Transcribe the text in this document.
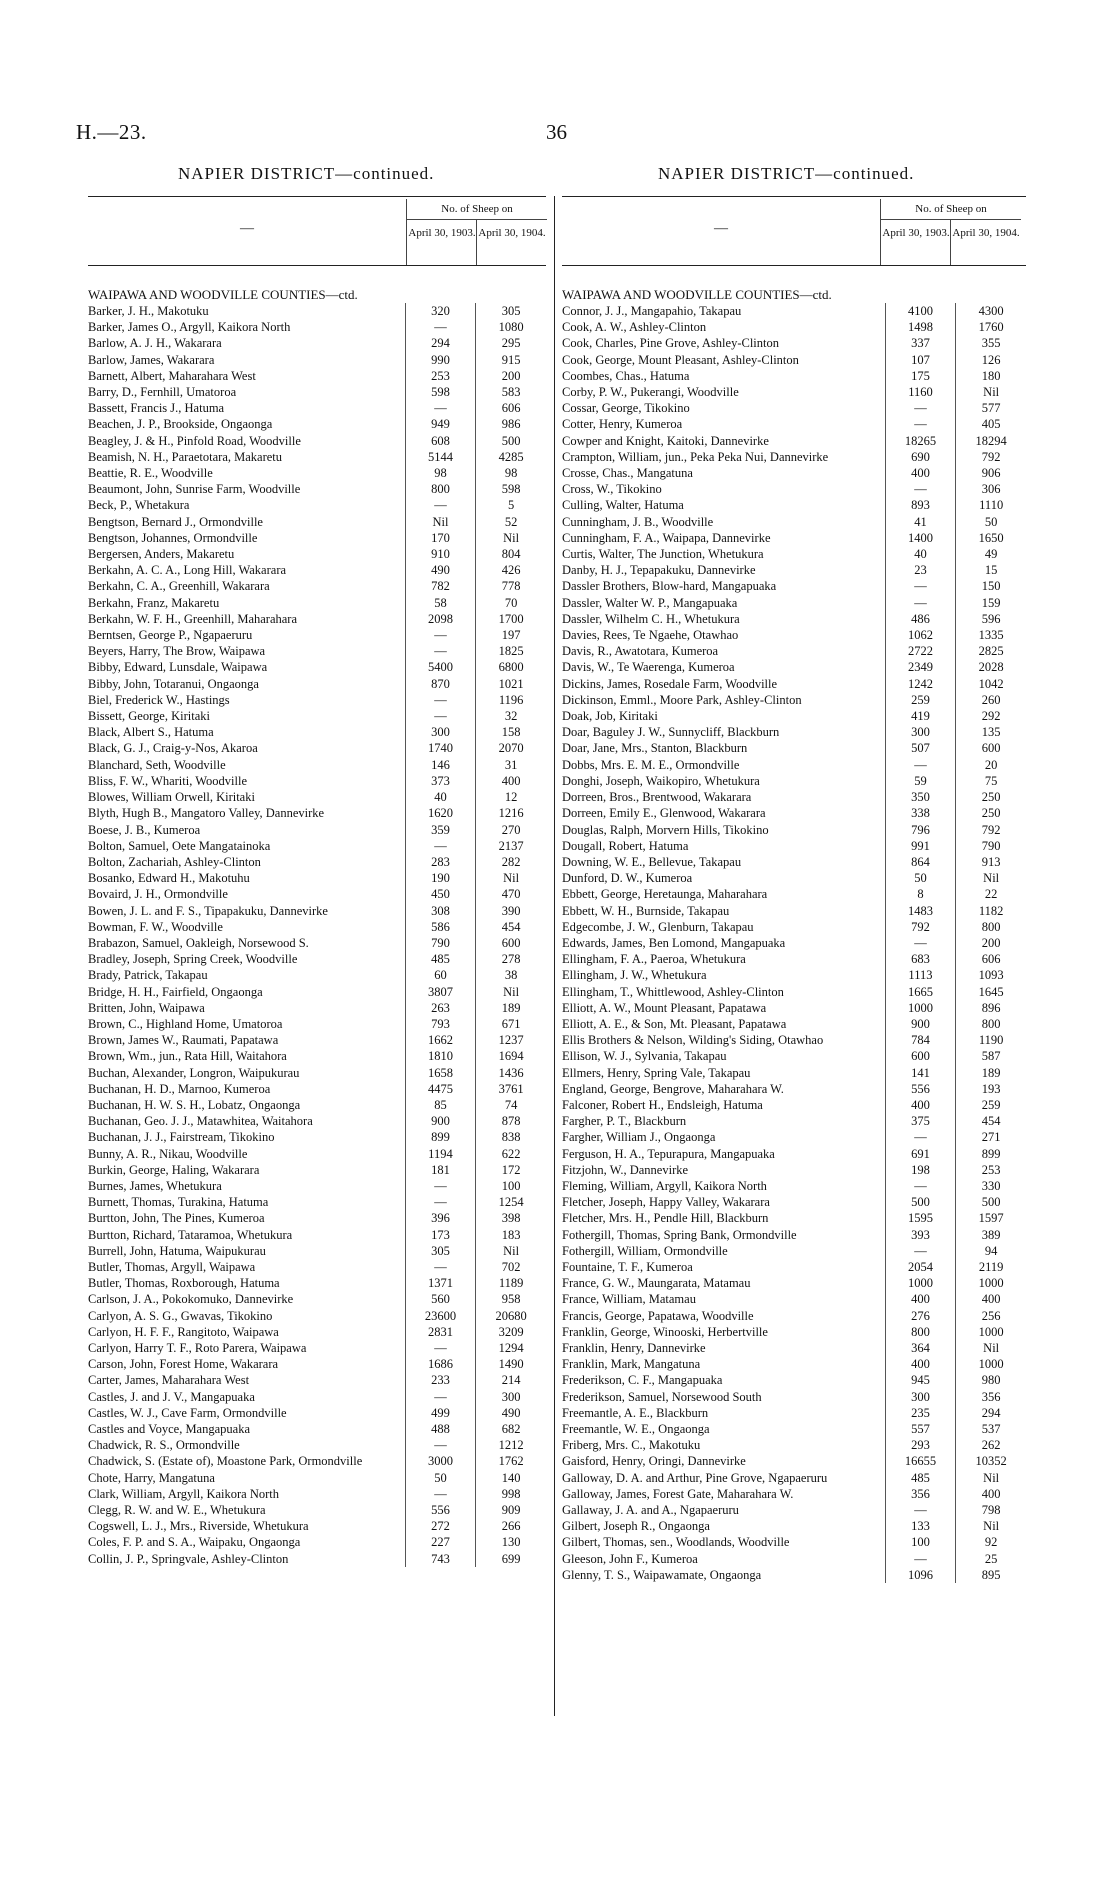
H.—23.	36
NAPIER DISTRICT—continued.	NAPIER DISTRICT—continued.
—
No. of Sheep on
April 30, 1903. April 30, 1904.
WAIPAWA AND WOODVILLE COUNTIES—ctd.
Barker, J. H., Makotuku	320	305
Barker, James O., Argyll, Kaikora North	—	1080
Barlow, A. J. H., Wakarara	294	295
Barlow, James, Wakarara	990	915
Barnett, Albert, Maharahara West	253	200
Barry, D., Fernhill, Umatoroa	598	583
Bassett, Francis J., Hatuma	—	606
Beachen, J. P., Brookside, Ongaonga	949	986
Beagley, J. & H., Pinfold Road, Woodville	608	500
Beamish, N. H., Paraetotara, Makaretu	5144	4285
Beattie, R. E., Woodville	98	98
Beaumont, John, Sunrise Farm, Woodville	800	598
Beck, P., Whetakura	—	5
Bengtson, Bernard J., Ormondville	Nil	52
Bengtson, Johannes, Ormondville	170	Nil
Bergersen, Anders, Makaretu	910	804
Berkahn, A. C. A., Long Hill, Wakarara	490	426
Berkahn, C. A., Greenhill, Wakarara	782	778
Berkahn, Franz, Makaretu	58	70
Berkahn, W. F. H., Greenhill, Maharahara	2098	1700
Berntsen, George P., Ngapaeruru	—	197
Beyers, Harry, The Brow, Waipawa	—	1825
Bibby, Edward, Lunsdale, Waipawa	5400	6800
Bibby, John, Totaranui, Ongaonga	870	1021
Biel, Frederick W., Hastings	—	1196
Bissett, George, Kiritaki	—	32
Black, Albert S., Hatuma	300	158
Black, G. J., Craig-y-Nos, Akaroa	1740	2070
Blanchard, Seth, Woodville	146	31
Bliss, F. W., Whariti, Woodville	373	400
Blowes, William Orwell, Kiritaki	40	12
Blyth, Hugh B., Mangatoro Valley, Dannevirke	1620	1216
Boese, J. B., Kumeroa	359	270
Bolton, Samuel, Oete Mangatainoka	—	2137
Bolton, Zachariah, Ashley-Clinton	283	282
Bosanko, Edward H., Makotuhu	190	Nil
Bovaird, J. H., Ormondville	450	470
Bowen, J. L. and F. S., Tipapakuku, Dannevirke	308	390
Bowman, F. W., Woodville	586	454
Brabazon, Samuel, Oakleigh, Norsewood S.	790	600
Bradley, Joseph, Spring Creek, Woodville	485	278
Brady, Patrick, Takapau	60	38
Bridge, H. H., Fairfield, Ongaonga	3807	Nil
Britten, John, Waipawa	263	189
Brown, C., Highland Home, Umatoroa	793	671
Brown, James W., Raumati, Papatawa	1662	1237
Brown, Wm., jun., Rata Hill, Waitahora	1810	1694
Buchan, Alexander, Longron, Waipukurau	1658	1436
Buchanan, H. D., Marnoo, Kumeroa	4475	3761
Buchanan, H. W. S. H., Lobatz, Ongaonga	85	74
Buchanan, Geo. J. J., Matawhitea, Waitahora	900	878
Buchanan, J. J., Fairstream, Tikokino	899	838
Bunny, A. R., Nikau, Woodville	1194	622
Burkin, George, Haling, Wakarara	181	172
Burnes, James, Whetukura	—	100
Burnett, Thomas, Turakina, Hatuma	—	1254
Burtton, John, The Pines, Kumeroa	396	398
Burtton, Richard, Tataramoa, Whetukura	173	183
Burrell, John, Hatuma, Waipukurau	305	Nil
Butler, Thomas, Argyll, Waipawa	—	702
Butler, Thomas, Roxborough, Hatuma	1371	1189
Carlson, J. A., Pokokomuko, Dannevirke	560	958
Carlyon, A. S. G., Gwavas, Tikokino	23600	20680
Carlyon, H. F. F., Rangitoto, Waipawa	2831	3209
Carlyon, Harry T. F., Roto Parera, Waipawa	—	1294
Carson, John, Forest Home, Wakarara	1686	1490
Carter, James, Maharahara West	233	214
Castles, J. and J. V., Mangapuaka	—	300
Castles, W. J., Cave Farm, Ormondville	499	490
Castles and Voyce, Mangapuaka	488	682
Chadwick, R. S., Ormondville	—	1212
Chadwick, S. (Estate of), Moastone Park, Ormondville	3000	1762
Chote, Harry, Mangatuna	50	140
Clark, William, Argyll, Kaikora North	—	998
Clegg, R. W. and W. E., Whetukura	556	909
Cogswell, L. J., Mrs., Riverside, Whetukura	272	266
Coles, F. P. and S. A., Waipaku, Ongaonga	227	130
Collin, J. P., Springvale, Ashley-Clinton	743	699
—
No. of Sheep on
April 30, 1903. April 30, 1904.
WAIPAWA AND WOODVILLE COUNTIES—ctd.
Connor, J. J., Mangapahio, Takapau	4100	4300
Cook, A. W., Ashley-Clinton	1498	1760
Cook, Charles, Pine Grove, Ashley-Clinton	337	355
Cook, George, Mount Pleasant, Ashley-Clinton	107	126
Coombes, Chas., Hatuma	175	180
Corby, P. W., Pukerangi, Woodville	1160	Nil
Cossar, George, Tikokino	—	577
Cotter, Henry, Kumeroa	—	405
Cowper and Knight, Kaitoki, Dannevirke	18265	18294
Crampton, William, jun., Peka Peka Nui, Dannevirke	690	792
Crosse, Chas., Mangatuna	400	906
Cross, W., Tikokino	—	306
Culling, Walter, Hatuma	893	1110
Cunningham, J. B., Woodville	41	50
Cunningham, F. A., Waipapa, Dannevirke	1400	1650
Curtis, Walter, The Junction, Whetukura	40	49
Danby, H. J., Tepapakuku, Dannevirke	23	15
Dassler Brothers, Blow-hard, Mangapuaka	—	150
Dassler, Walter W. P., Mangapuaka	—	159
Dassler, Wilhelm C. H., Whetukura	486	596
Davies, Rees, Te Ngaehe, Otawhao	1062	1335
Davis, R., Awatotara, Kumeroa	2722	2825
Davis, W., Te Waerenga, Kumeroa	2349	2028
Dickins, James, Rosedale Farm, Woodville	1242	1042
Dickinson, Emml., Moore Park, Ashley-Clinton	259	260
Doak, Job, Kiritaki	419	292
Doar, Baguley J. W., Sunnycliff, Blackburn	300	135
Doar, Jane, Mrs., Stanton, Blackburn	507	600
Dobbs, Mrs. E. M. E., Ormondville	—	20
Donghi, Joseph, Waikopiro, Whetukura	59	75
Dorreen, Bros., Brentwood, Wakarara	350	250
Dorreen, Emily E., Glenwood, Wakarara	338	250
Douglas, Ralph, Morvern Hills, Tikokino	796	792
Dougall, Robert, Hatuma	991	790
Downing, W. E., Bellevue, Takapau	864	913
Dunford, D. W., Kumeroa	50	Nil
Ebbett, George, Heretaunga, Maharahara	8	22
Ebbett, W. H., Burnside, Takapau	1483	1182
Edgecombe, J. W., Glenburn, Takapau	792	800
Edwards, James, Ben Lomond, Mangapuaka	—	200
Ellingham, F. A., Paeroa, Whetukura	683	606
Ellingham, J. W., Whetukura	1113	1093
Ellingham, T., Whittlewood, Ashley-Clinton	1665	1645
Elliott, A. W., Mount Pleasant, Papatawa	1000	896
Elliott, A. E., & Son, Mt. Pleasant, Papatawa	900	800
Ellis Brothers & Nelson, Wilding's Siding, Otawhao	784	1190
Ellison, W. J., Sylvania, Takapau	600	587
Ellmers, Henry, Spring Vale, Takapau	141	189
England, George, Bengrove, Maharahara W.	556	193
Falconer, Robert H., Endsleigh, Hatuma	400	259
Fargher, P. T., Blackburn	375	454
Fargher, William J., Ongaonga	—	271
Ferguson, H. A., Tepurapura, Mangapuaka	691	899
Fitzjohn, W., Dannevirke	198	253
Fleming, William, Argyll, Kaikora North	—	330
Fletcher, Joseph, Happy Valley, Wakarara	500	500
Fletcher, Mrs. H., Pendle Hill, Blackburn	1595	1597
Fothergill, Thomas, Spring Bank, Ormondville	393	389
Fothergill, William, Ormondville	—	94
Fountaine, T. F., Kumeroa	2054	2119
France, G. W., Maungarata, Matamau	1000	1000
France, William, Matamau	400	400
Francis, George, Papatawa, Woodville	276	256
Franklin, George, Winooski, Herbertville	800	1000
Franklin, Henry, Dannevirke	364	Nil
Franklin, Mark, Mangatuna	400	1000
Frederikson, C. F., Mangapuaka	945	980
Frederikson, Samuel, Norsewood South	300	356
Freemantle, A. E., Blackburn	235	294
Freemantle, W. E., Ongaonga	557	537
Friberg, Mrs. C., Makotuku	293	262
Gaisford, Henry, Oringi, Dannevirke	16655	10352
Galloway, D. A. and Arthur, Pine Grove, Ngapaeruru	485	Nil
Galloway, James, Forest Gate, Maharahara W.	356	400
Gallaway, J. A. and A., Ngapaeruru	—	798
Gilbert, Joseph R., Ongaonga	133	Nil
Gilbert, Thomas, sen., Woodlands, Woodville	100	92
Gleeson, John F., Kumeroa	—	25
Glenny, T. S., Waipawamate, Ongaonga	1096	895
